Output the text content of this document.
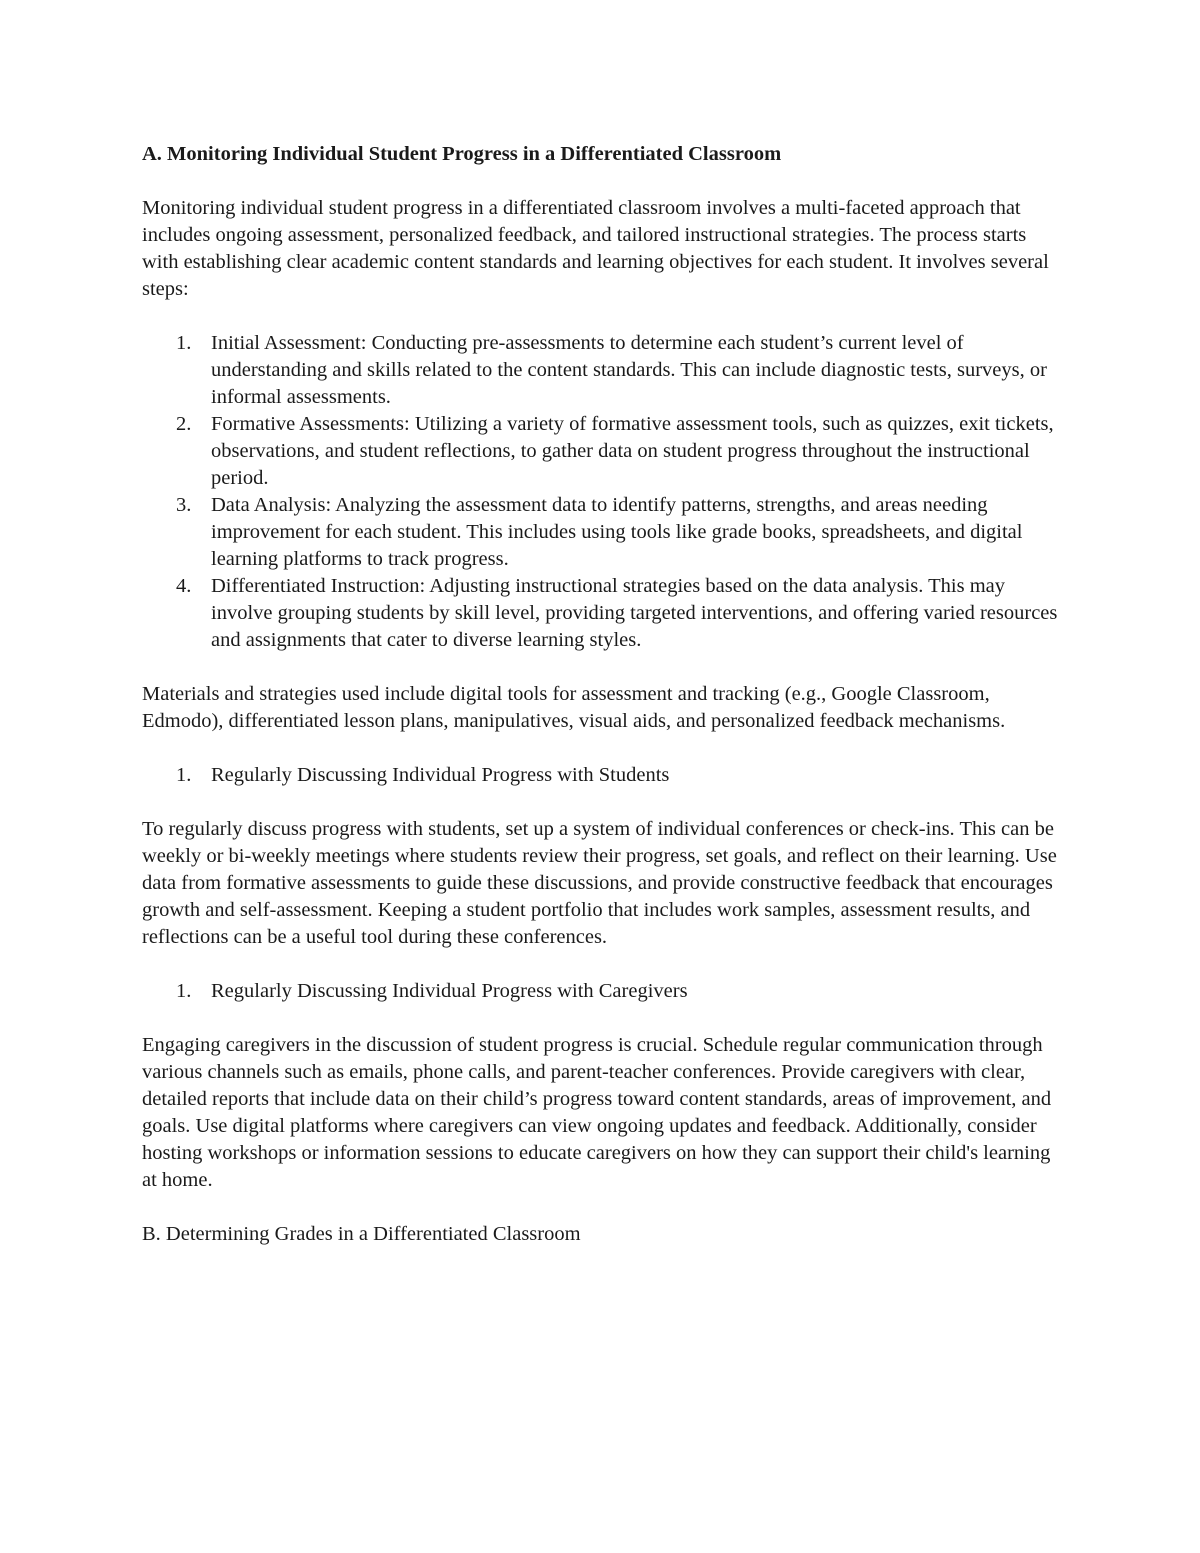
A. Monitoring Individual Student Progress in a Differentiated Classroom

Monitoring individual student progress in a differentiated classroom involves a multi-faceted approach that includes ongoing assessment, personalized feedback, and tailored instructional strategies. The process starts with establishing clear academic content standards and learning objectives for each student. It involves several steps:

1. Initial Assessment: Conducting pre-assessments to determine each student’s current level of understanding and skills related to the content standards. This can include diagnostic tests, surveys, or informal assessments.
2. Formative Assessments: Utilizing a variety of formative assessment tools, such as quizzes, exit tickets, observations, and student reflections, to gather data on student progress throughout the instructional period.
3. Data Analysis: Analyzing the assessment data to identify patterns, strengths, and areas needing improvement for each student. This includes using tools like grade books, spreadsheets, and digital learning platforms to track progress.
4. Differentiated Instruction: Adjusting instructional strategies based on the data analysis. This may involve grouping students by skill level, providing targeted interventions, and offering varied resources and assignments that cater to diverse learning styles.

Materials and strategies used include digital tools for assessment and tracking (e.g., Google Classroom, Edmodo), differentiated lesson plans, manipulatives, visual aids, and personalized feedback mechanisms.

1. Regularly Discussing Individual Progress with Students

To regularly discuss progress with students, set up a system of individual conferences or check-ins. This can be weekly or bi-weekly meetings where students review their progress, set goals, and reflect on their learning. Use data from formative assessments to guide these discussions, and provide constructive feedback that encourages growth and self-assessment. Keeping a student portfolio that includes work samples, assessment results, and reflections can be a useful tool during these conferences.

1. Regularly Discussing Individual Progress with Caregivers

Engaging caregivers in the discussion of student progress is crucial. Schedule regular communication through various channels such as emails, phone calls, and parent-teacher conferences. Provide caregivers with clear, detailed reports that include data on their child’s progress toward content standards, areas of improvement, and goals. Use digital platforms where caregivers can view ongoing updates and feedback. Additionally, consider hosting workshops or information sessions to educate caregivers on how they can support their child's learning at home.

B. Determining Grades in a Differentiated Classroom
